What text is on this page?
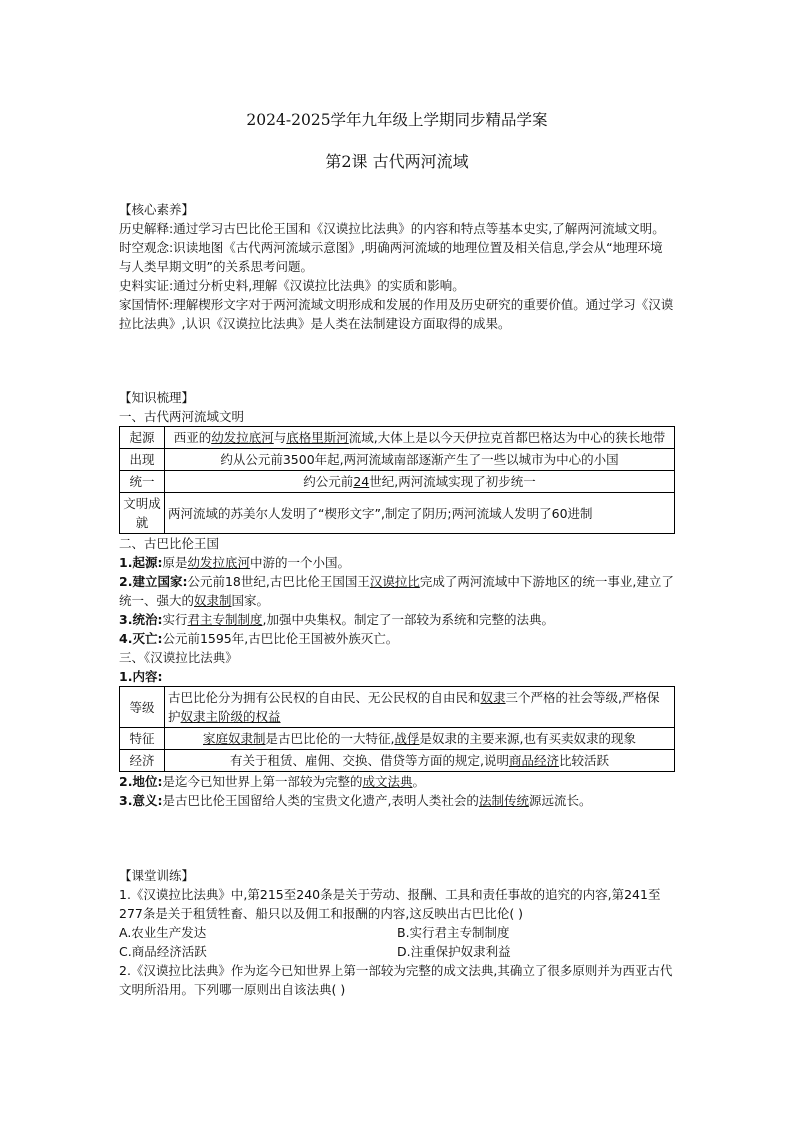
2024-2025学年九年级上学期同步精品学案
第2课 古代两河流域

【核心素养】

历史解释:通过学习古巴比伦王国和《汉谟拉比法典》的内容和特点等基本史实,了解两河流域文明。

时空观念:识读地图《古代两河流域示意图》,明确两河流域的地理位置及相关信息,学会从“地理环境与人类早期文明”的关系思考问题。

史料实证:通过分析史料,理解《汉谟拉比法典》的实质和影响。

家国情怀:理解楔形文字对于两河流域文明形成和发展的作用及历史研究的重要价值。通过学习《汉谟拉比法典》,认识《汉谟拉比法典》是人类在法制建设方面取得的成果。

【知识梳理】

一、古代两河流域文明

起源	西亚的幼发拉底河与底格里斯河流域,大体上是以今天伊拉克首都巴格达为中心的狭长地带
出现	约从公元前3500年起,两河流域南部逐渐产生了一些以城市为中心的小国
统一	约公元前24世纪,两河流域实现了初步统一
文明成就	两河流域的苏美尔人发明了“楔形文字”,制定了阴历;两河流域人发明了60进制

二、古巴比伦王国

1.起源:原是幼发拉底河中游的一个小国。

2.建立国家:公元前18世纪,古巴比伦王国国王汉谟拉比完成了两河流域中下游地区的统一事业,建立了统一、强大的奴隶制国家。

3.统治:实行君主专制制度,加强中央集权。制定了一部较为系统和完整的法典。

4.灭亡:公元前1595年,古巴比伦王国被外族灭亡。

三、《汉谟拉比法典》

1.内容:

等级	古巴比伦分为拥有公民权的自由民、无公民权的自由民和奴隶三个严格的社会等级,严格保护奴隶主阶级的权益
特征	家庭奴隶制是古巴比伦的一大特征,战俘是奴隶的主要来源,也有买卖奴隶的现象
经济	有关于租赁、雇佣、交换、借贷等方面的规定,说明商品经济比较活跃

2.地位:是迄今已知世界上第一部较为完整的成文法典。

3.意义:是古巴比伦王国留给人类的宝贵文化遗产,表明人类社会的法制传统源远流长。

【课堂训练】

1.《汉谟拉比法典》中,第215至240条是关于劳动、报酬、工具和责任事故的追究的内容,第241至277条是关于租赁牲畜、船只以及佣工和报酬的内容,这反映出古巴比伦( )

A.农业生产发达	B.实行君主专制制度
C.商品经济活跃	D.注重保护奴隶利益

2.《汉谟拉比法典》作为迄今已知世界上第一部较为完整的成文法典,其确立了很多原则并为西亚古代文明所沿用。下列哪一原则出自该法典( )
